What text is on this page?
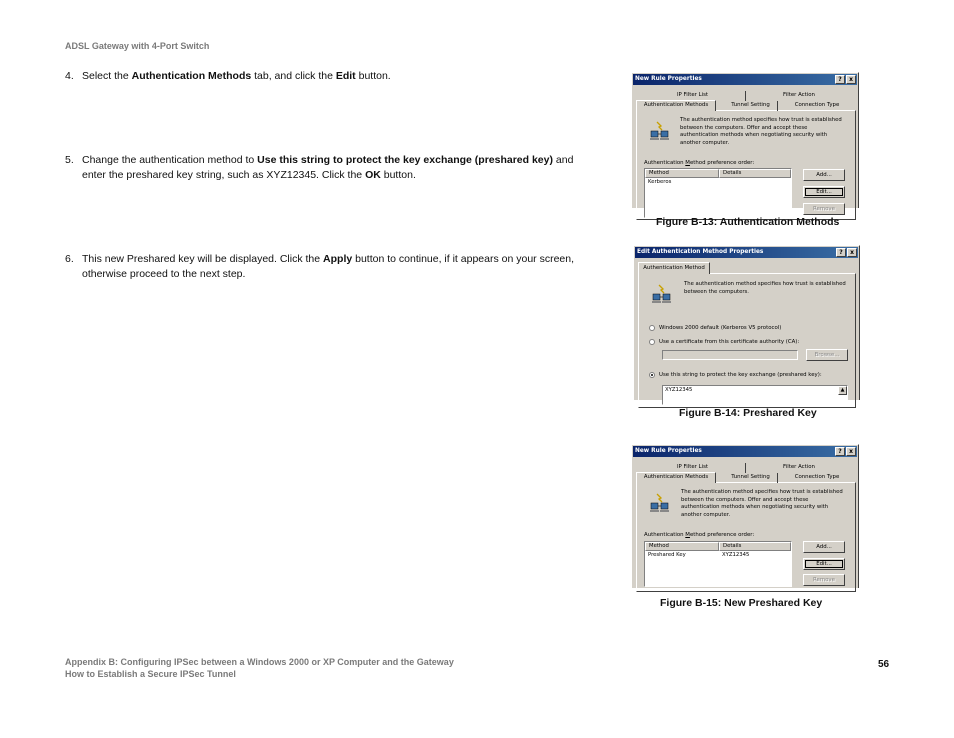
ADSL Gateway with 4-Port Switch
4. Select the Authentication Methods tab, and click the Edit button.
5. Change the authentication method to Use this string to protect the key exchange (preshared key) and enter the preshared key string, such as XYZ12345. Click the OK button.
6. This new Preshared key will be displayed. Click the Apply button to continue, if it appears on your screen, otherwise proceed to the next step.
New Rule Properties	?	x
IP Filter List	Filter Action
Authentication Methods	Tunnel Setting	Connection Type
The authentication method specifies how trust is established
between the computers. Offer and accept these
authentication methods when negotiating security with
another computer.
Authentication Method preference order:
Method	Details
Kerberos
Add...
Edit...
Remove
Figure B-13: Authentication Methods
Edit Authentication Method Properties	?	x
Authentication Method
The authentication method specifies how trust is established
between the computers.
Windows 2000 default (Kerberos V5 protocol)
Use a certificate from this certificate authority (CA):
Browse...
Use this string to protect the key exchange (preshared key):
XYZ12345	▲
Figure B-14: Preshared Key
New Rule Properties	?	x
IP Filter List	Filter Action
Authentication Methods	Tunnel Setting	Connection Type
The authentication method specifies how trust is established
between the computers. Offer and accept these
authentication methods when negotiating security with
another computer.
Authentication Method preference order:
Method	Details
Preshared Key	XYZ12345
Add...
Edit...
Remove
Figure B-15: New Preshared Key
Appendix B: Configuring IPSec between a Windows 2000 or XP Computer and the Gateway
How to Establish a Secure IPSec Tunnel
56
